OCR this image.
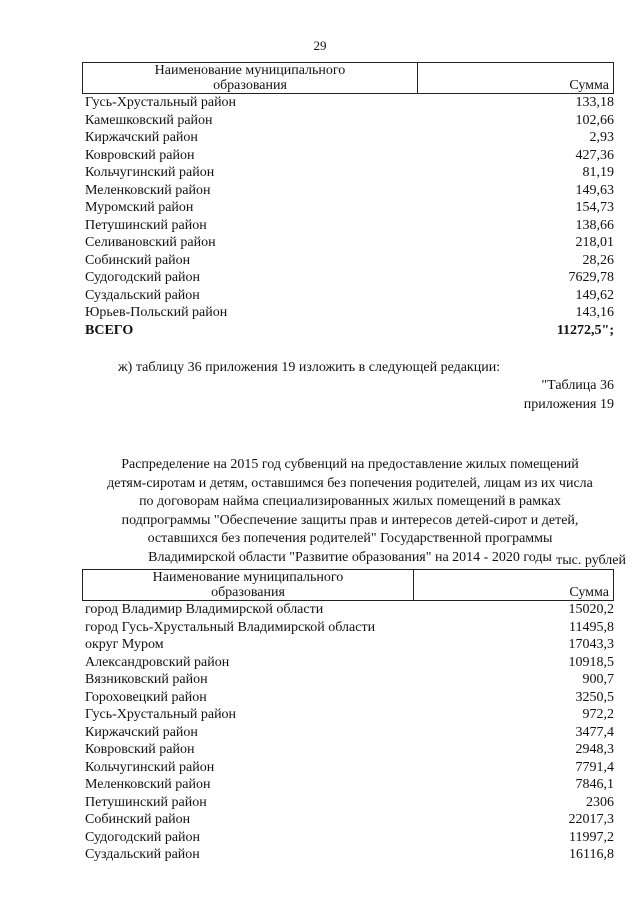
29
Наименование муниципального
образования	Сумма
Гусь-Хрустальный район	133,18
Камешковский район	102,66
Киржачский район	2,93
Ковровский район	427,36
Кольчугинский район	81,19
Меленковский район	149,63
Муромский район	154,73
Петушинский район	138,66
Селивановский район	218,01
Собинский район	28,26
Судогодский район	7629,78
Суздальский район	149,62
Юрьев-Польский район	143,16
ВСЕГО	11272,5";
ж) таблицу 36 приложения 19 изложить в следующей редакции:
"Таблица 36
приложения 19
Распределение на 2015 год субвенций на предоставление жилых помещений
детям-сиротам и детям, оставшимся без попечения родителей, лицам из их числа
по договорам найма специализированных жилых помещений в рамках
подпрограммы "Обеспечение защиты прав и интересов детей-сирот и детей,
оставшихся без попечения родителей" Государственной программы
Владимирской области "Развитие образования" на 2014 - 2020 годы тыс. рублей
Наименование муниципального
образования	Сумма
город Владимир Владимирской области	15020,2
город Гусь-Хрустальный Владимирской области	11495,8
округ Муром	17043,3
Александровский район	10918,5
Вязниковский район	900,7
Гороховецкий район	3250,5
Гусь-Хрустальный район	972,2
Киржачский район	3477,4
Ковровский район	2948,3
Кольчугинский район	7791,4
Меленковский район	7846,1
Петушинский район	2306
Собинский район	22017,3
Судогодский район	11997,2
Суздальский район	16116,8
